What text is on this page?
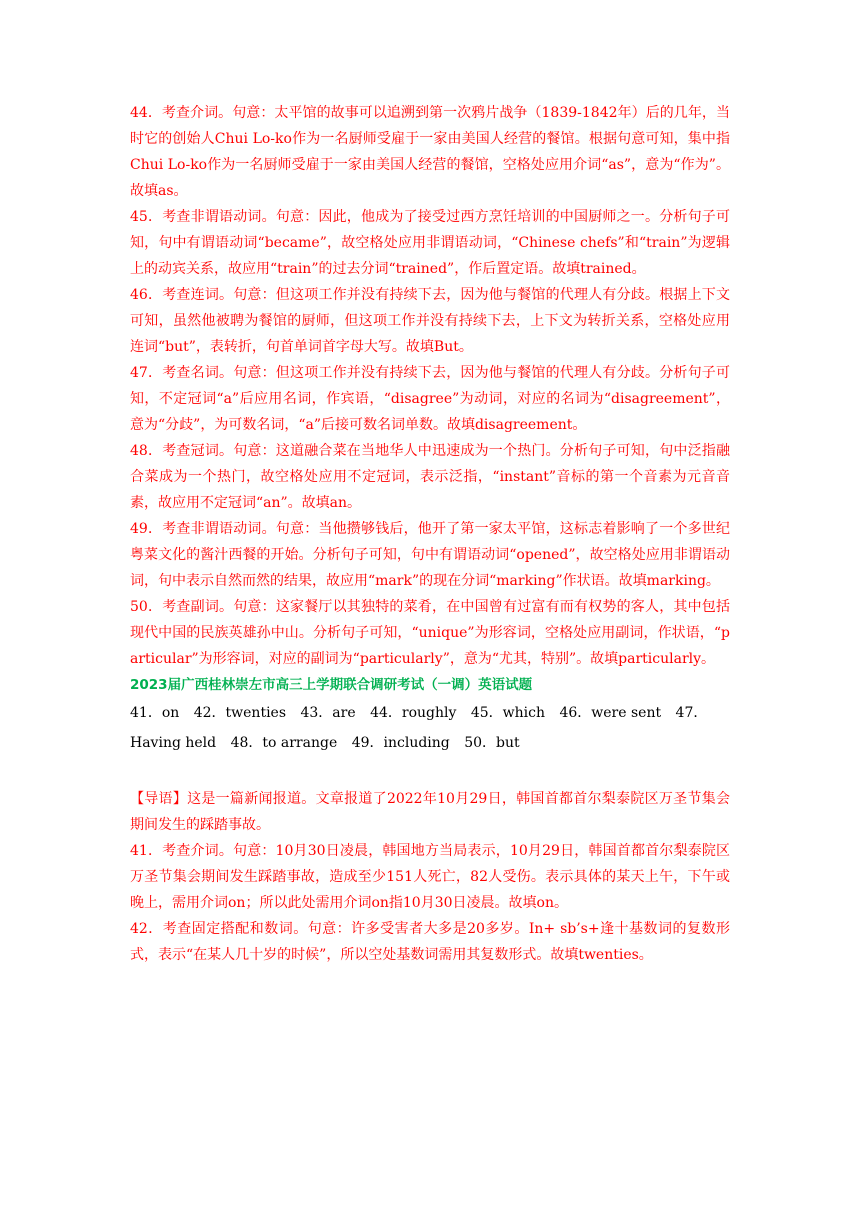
44．考查介词。句意：太平馆的故事可以追溯到第一次鸦片战争（1839-1842年）后的几年，当时它的创始人Chui Lo-ko作为一名厨师受雇于一家由美国人经营的餐馆。根据句意可知，集中指Chui Lo-ko作为一名厨师受雇于一家由美国人经营的餐馆，空格处应用介词“as”，意为“作为”。故填as。

45．考查非谓语动词。句意：因此，他成为了接受过西方烹饪培训的中国厨师之一。分析句子可知，句中有谓语动词“became”，故空格处应用非谓语动词，“Chinese chefs”和“train”为逻辑上的动宾关系，故应用“train”的过去分词“trained”，作后置定语。故填trained。

46．考查连词。句意：但这项工作并没有持续下去，因为他与餐馆的代理人有分歧。根据上下文可知，虽然他被聘为餐馆的厨师，但这项工作并没有持续下去，上下文为转折关系，空格处应用连词“but”，表转折，句首单词首字母大写。故填But。

47．考查名词。句意：但这项工作并没有持续下去，因为他与餐馆的代理人有分歧。分析句子可知，不定冠词“a”后应用名词，作宾语，“disagree”为动词，对应的名词为“disagreement”，意为“分歧”，为可数名词，“a”后接可数名词单数。故填disagreement。

48．考查冠词。句意：这道融合菜在当地华人中迅速成为一个热门。分析句子可知，句中泛指融合菜成为一个热门，故空格处应用不定冠词，表示泛指，“instant”音标的第一个音素为元音音素，故应用不定冠词“an”。故填an。

49．考查非谓语动词。句意：当他攒够钱后，他开了第一家太平馆，这标志着影响了一个多世纪粤菜文化的酱汁西餐的开始。分析句子可知，句中有谓语动词“opened”，故空格处应用非谓语动词，句中表示自然而然的结果，故应用“mark”的现在分词“marking”作状语。故填marking。

50．考查副词。句意：这家餐厅以其独特的菜肴，在中国曾有过富有而有权势的客人，其中包括现代中国的民族英雄孙中山。分析句子可知，“unique”为形容词，空格处应用副词，作状语，“particular”为形容词，对应的副词为“particularly”，意为“尤其，特别”。故填particularly。

2023届广西桂林崇左市高三上学期联合调研考试（一调）英语试题

41．on 42．twenties 43．are 44．roughly 45．which 46．were sent 47．Having held 48．to arrange 49．including 50．but

【导语】这是一篇新闻报道。文章报道了2022年10月29日，韩国首都首尔梨泰院区万圣节集会期间发生的踩踏事故。

41．考查介词。句意：10月30日凌晨，韩国地方当局表示，10月29日，韩国首都首尔梨泰院区万圣节集会期间发生踩踏事故，造成至少151人死亡，82人受伤。表示具体的某天上午，下午或晚上，需用介词on；所以此处需用介词on指10月30日凌晨。故填on。

42．考查固定搭配和数词。句意：许多受害者大多是20多岁。In+ sb’s+逢十基数词的复数形式，表示“在某人几十岁的时候”，所以空处基数词需用其复数形式。故填twenties。
